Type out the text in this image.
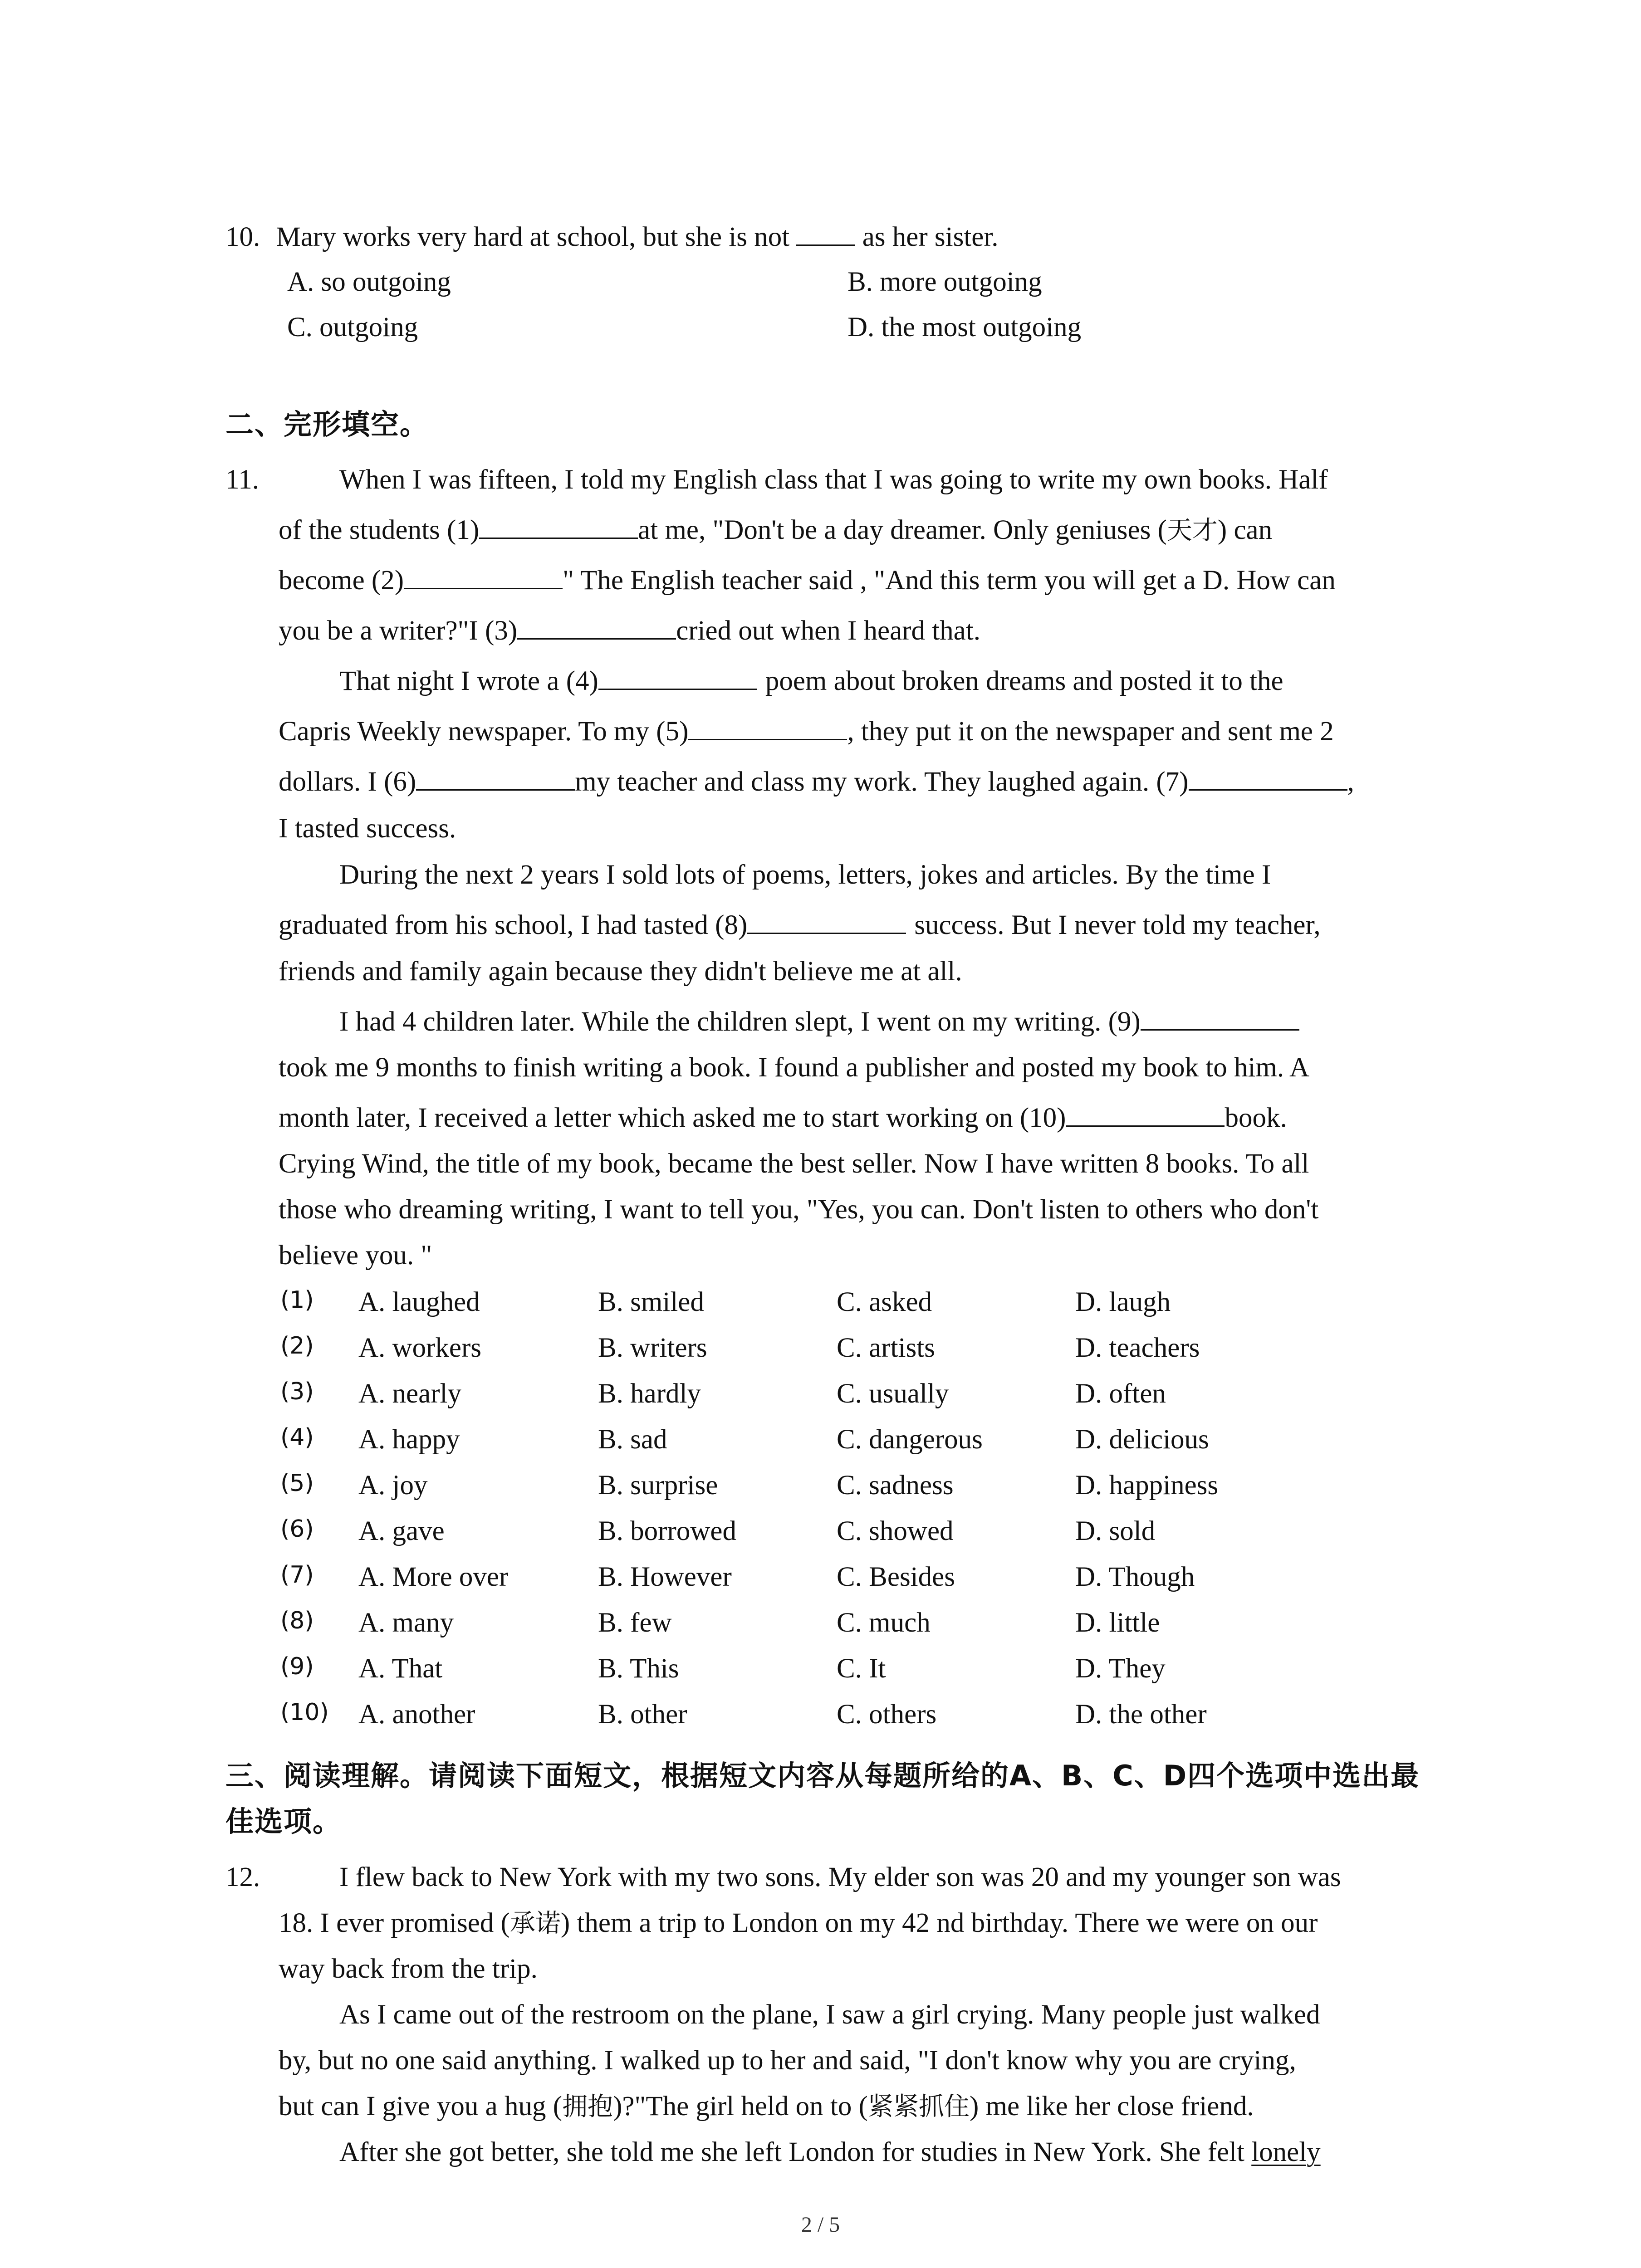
10. Mary works very hard at school, but she is not	as her sister.
A. so outgoing	B. more outgoing
C. outgoing	D. the most outgoing
二、完形填空。
11.	When I was fifteen, I told my English class that I was going to write my own books. Half
of the students (1)	at me, "Don't be a day dreamer. Only geniuses (天才) can
become (2)	" The English teacher said , "And this term you will get a D. How can
you be a writer?"I (3)	cried out when I heard that.
That night I wrote a (4)	poem about broken dreams and posted it to the
Capris Weekly newspaper. To my (5)	, they put it on the newspaper and sent me 2
dollars. I (6)	my teacher and class my work. They laughed again. (7)	,
I tasted success.
During the next 2 years I sold lots of poems, letters, jokes and articles. By the time I
graduated from his school, I had tasted (8)	success. But I never told my teacher,
friends and family again because they didn't believe me at all.
I had 4 children later. While the children slept, I went on my writing. (9)
took me 9 months to finish writing a book. I found a publisher and posted my book to him. A
month later, I received a letter which asked me to start working on (10)	book.
Crying Wind, the title of my book, became the best seller. Now I have written 8 books. To all
those who dreaming writing, I want to tell you, "Yes, you can. Don't listen to others who don't
believe you. "
(1) A. laughed	B. smiled	C. asked	D. laugh
(2) A. workers	B. writers	C. artists	D. teachers
(3) A. nearly	B. hardly	C. usually	D. often
(4) A. happy	B. sad	C. dangerous	D. delicious
(5) A. joy	B. surprise	C. sadness	D. happiness
(6) A. gave	B. borrowed	C. showed	D. sold
(7) A. More over	B. However	C. Besides	D. Though
(8) A. many	B. few	C. much	D. little
(9) A. That	B. This	C. It	D. They
(10) A. another	B. other	C. others	D. the other
三、阅读理解。请阅读下面短文，根据短文内容从每题所给的A、B、C、D四个选项中选出最
佳选项。
12.	I flew back to New York with my two sons. My elder son was 20 and my younger son was
18. I ever promised (承诺) them a trip to London on my 42 nd birthday. There we were on our
way back from the trip.
As I came out of the restroom on the plane, I saw a girl crying. Many people just walked
by, but no one said anything. I walked up to her and said, "I don't know why you are crying,
but can I give you a hug (拥抱)?"The girl held on to (紧紧抓住) me like her close friend.
After she got better, she told me she left London for studies in New York. She felt lonely
2 / 5
